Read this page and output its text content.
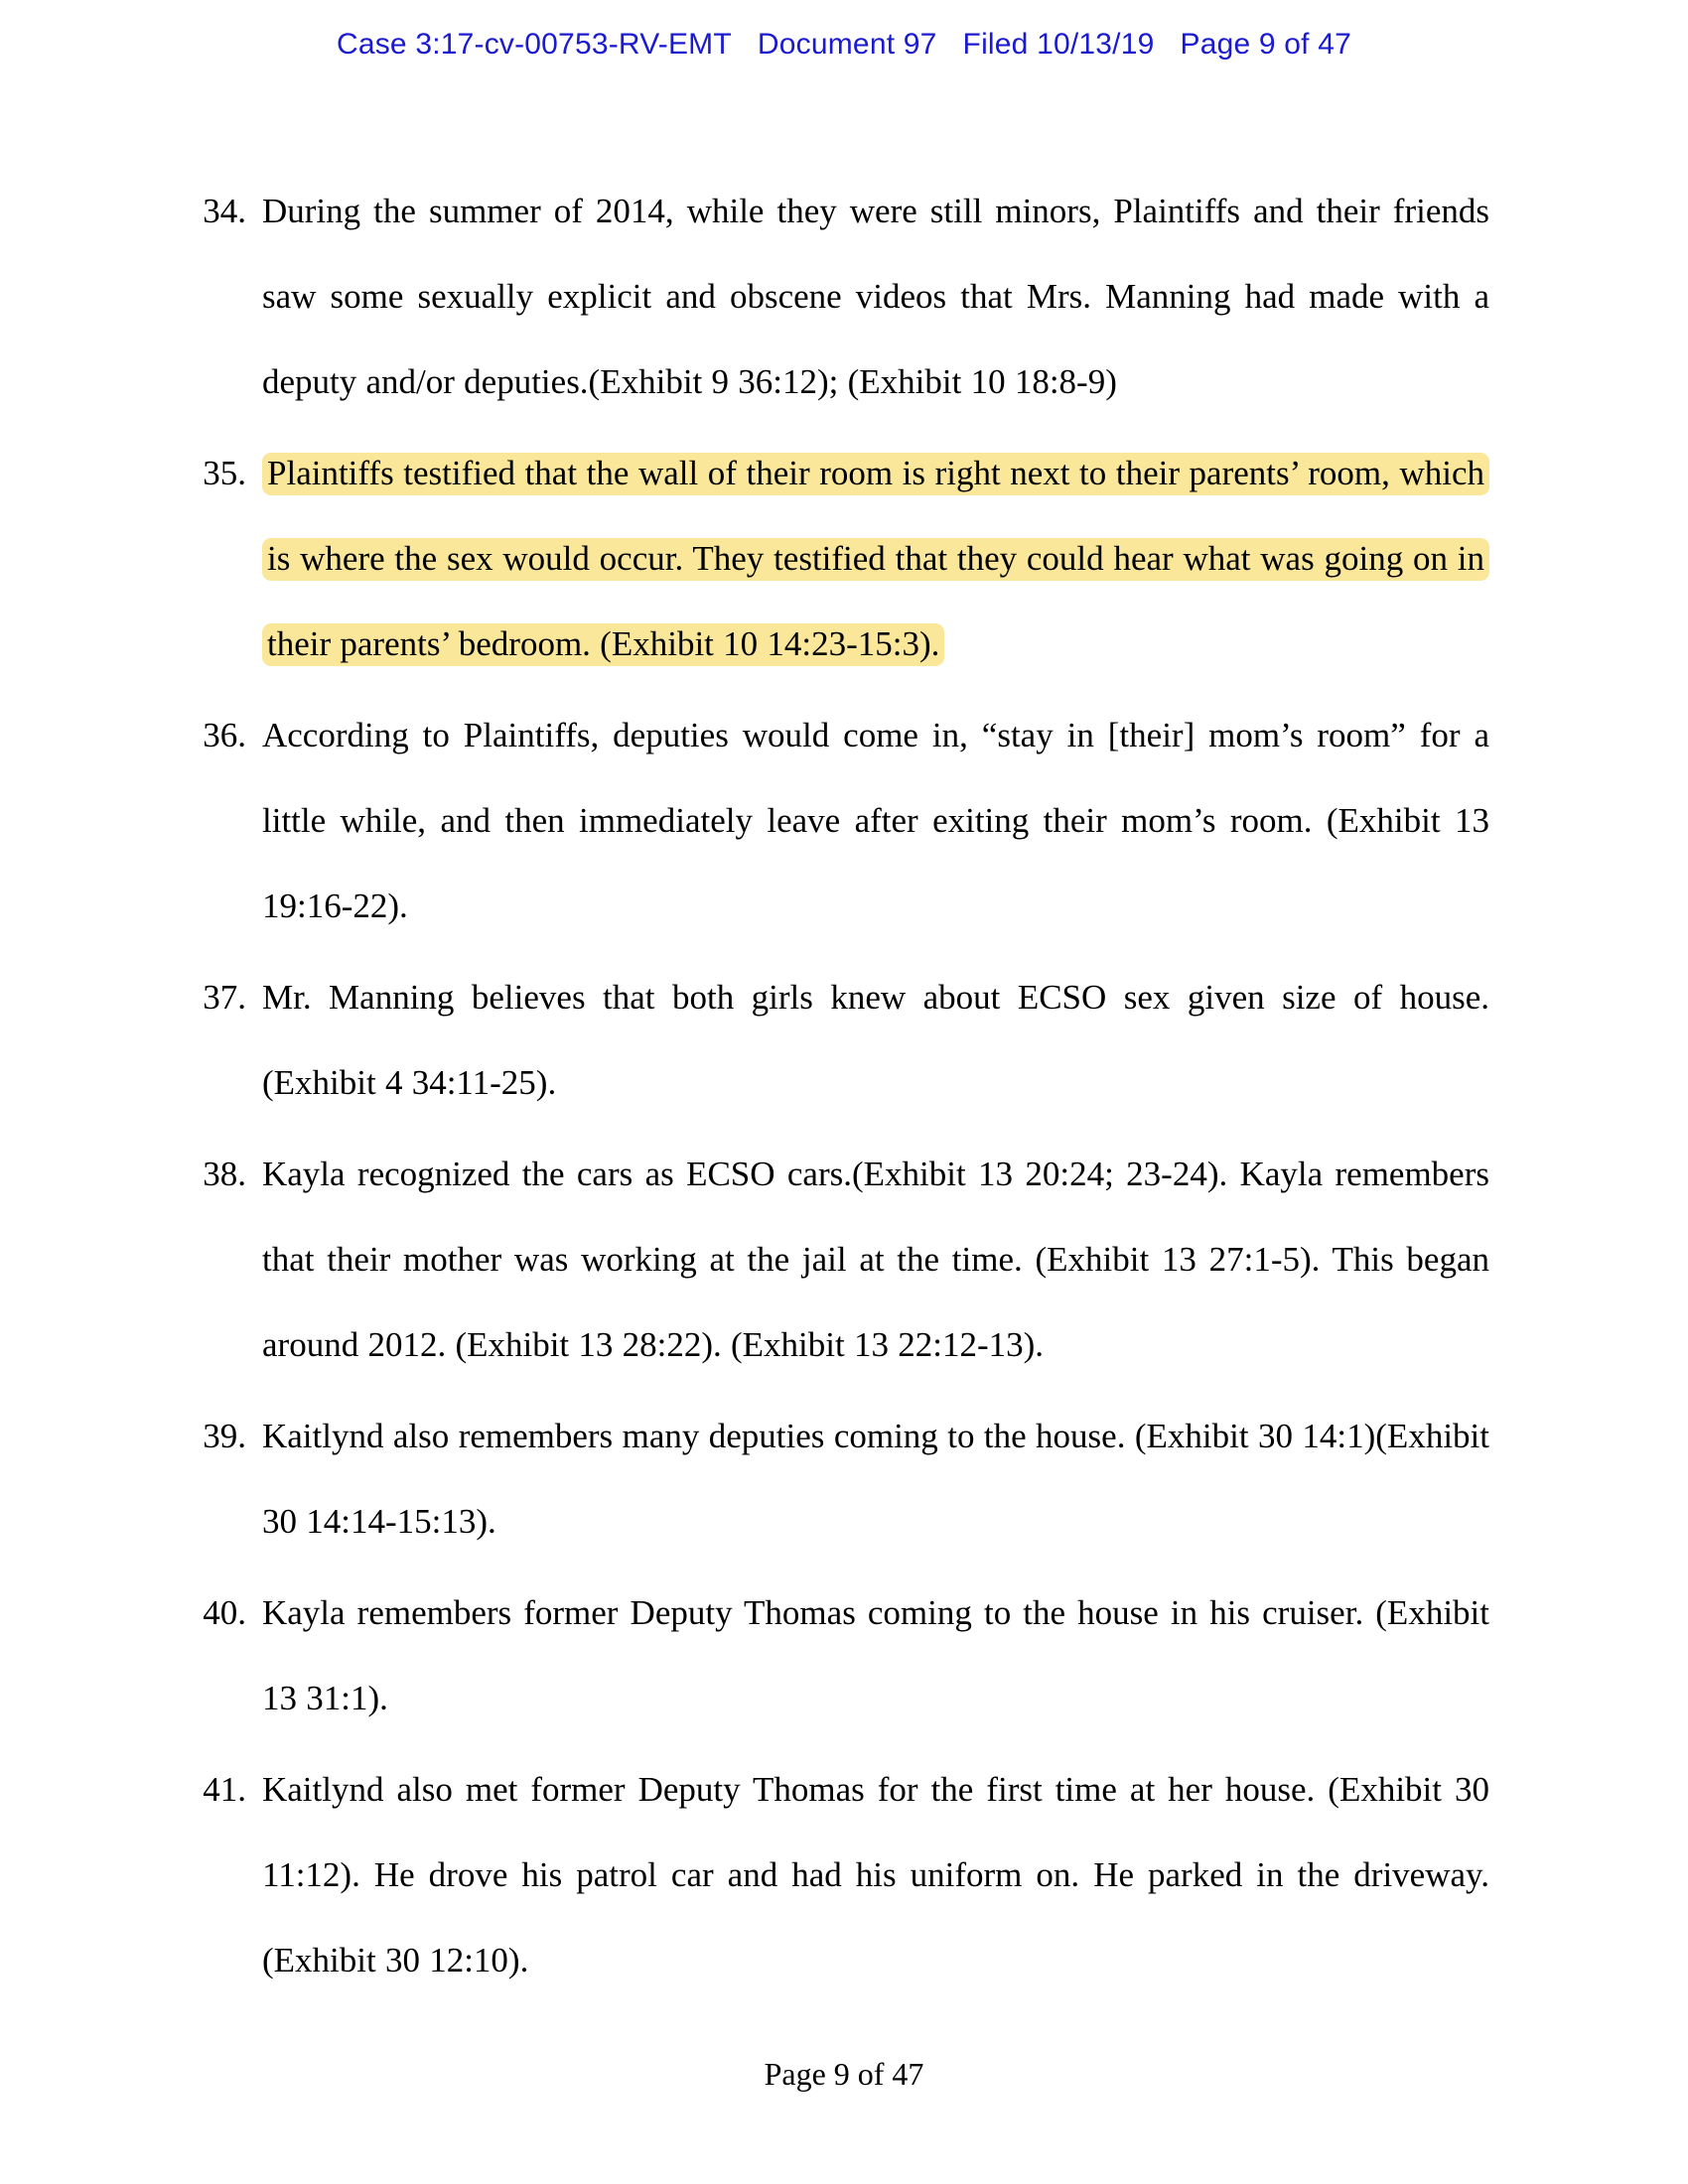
Case 3:17-cv-00753-RV-EMT Document 97 Filed 10/13/19 Page 9 of 47
34. During the summer of 2014, while they were still minors, Plaintiffs and their friends saw some sexually explicit and obscene videos that Mrs. Manning had made with a deputy and/or deputies.(Exhibit 9 36:12); (Exhibit 10 18:8-9)
35. Plaintiffs testified that the wall of their room is right next to their parents’ room, which is where the sex would occur. They testified that they could hear what was going on in their parents’ bedroom. (Exhibit 10 14:23-15:3).
36. According to Plaintiffs, deputies would come in, “stay in [their] mom’s room” for a little while, and then immediately leave after exiting their mom’s room. (Exhibit 13 19:16-22).
37. Mr. Manning believes that both girls knew about ECSO sex given size of house. (Exhibit 4 34:11-25).
38. Kayla recognized the cars as ECSO cars.(Exhibit 13 20:24; 23-24). Kayla remembers that their mother was working at the jail at the time. (Exhibit 13 27:1-5). This began around 2012. (Exhibit 13 28:22). (Exhibit 13 22:12-13).
39. Kaitlynd also remembers many deputies coming to the house. (Exhibit 30 14:1)(Exhibit 30 14:14-15:13).
40. Kayla remembers former Deputy Thomas coming to the house in his cruiser. (Exhibit 13 31:1).
41. Kaitlynd also met former Deputy Thomas for the first time at her house. (Exhibit 30 11:12). He drove his patrol car and had his uniform on. He parked in the driveway. (Exhibit 30 12:10).
Page 9 of 47
